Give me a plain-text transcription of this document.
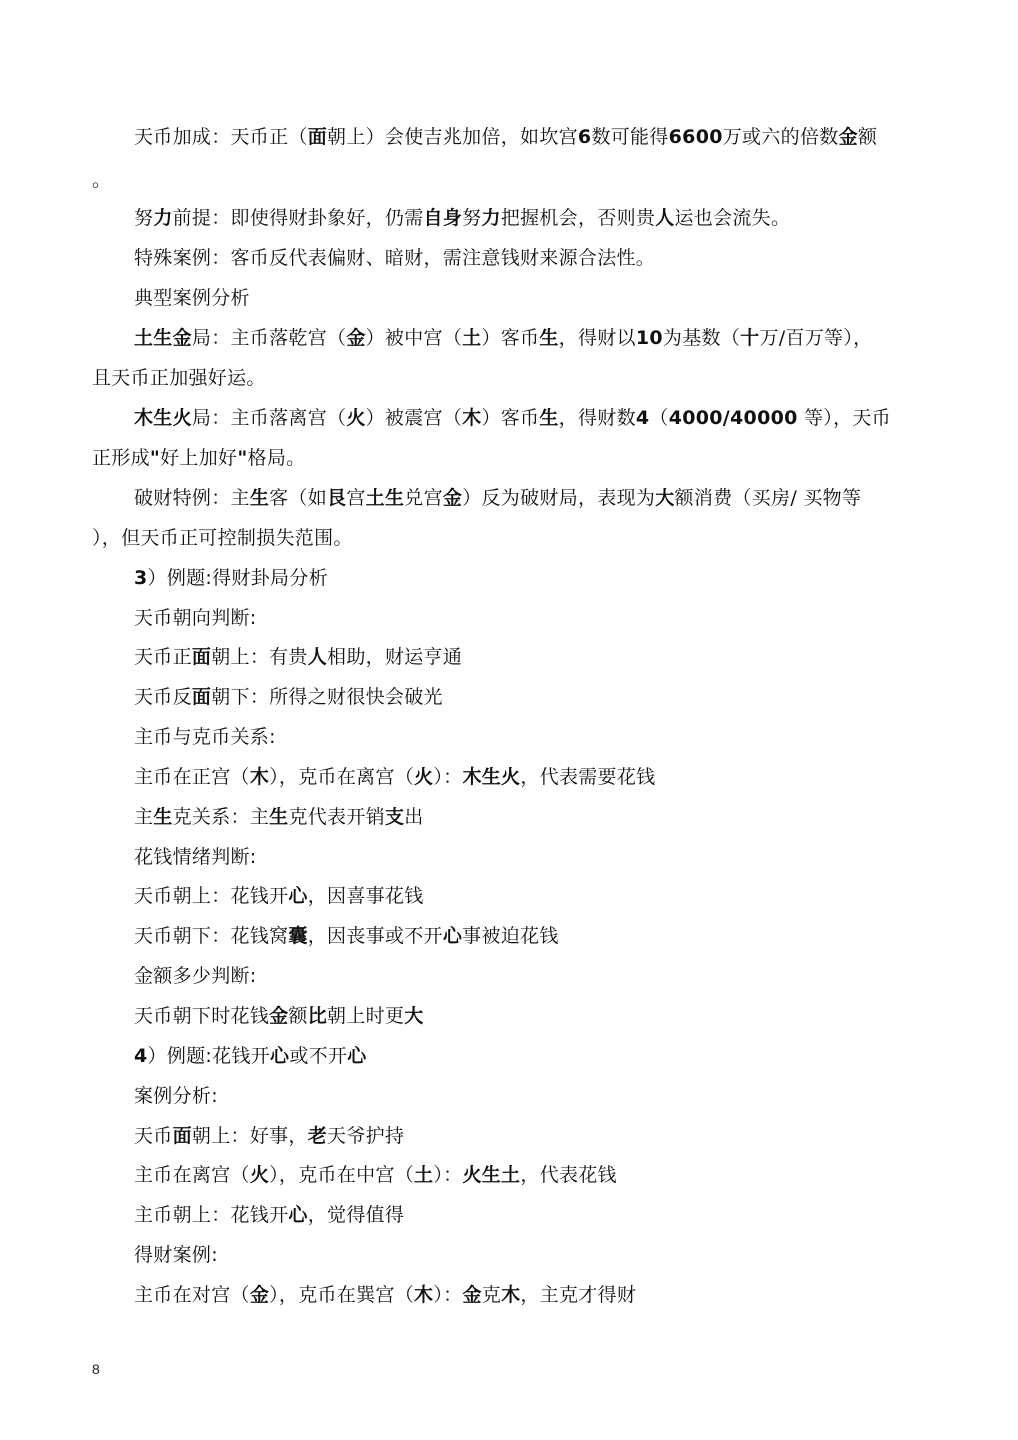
天币加成：天币正（面朝上）会使吉兆加倍，如坎宫6数可能得6600万或六的倍数金额
。
努力前提：即使得财卦象好，仍需自身努力把握机会，否则贵人运也会流失。
特殊案例：客币反代表偏财、暗财，需注意钱财来源合法性。
典型案例分析
土生金局：主币落乾宫（金）被中宫（土）客币生，得财以10为基数（十万/百万等），
且天币正加强好运。
木生火局：主币落离宫（火）被震宫（木）客币生，得财数4（4000/40000 等），天币
正形成"好上加好"格局。
破财特例：主生客（如艮宫土生兑宫金）反为破财局，表现为大额消费（买房/ 买物等
），但天币正可控制损失范围。
3）例题:得财卦局分析
天币朝向判断:
天币正面朝上：有贵人相助，财运亨通
天币反面朝下：所得之财很快会破光
主币与克币关系:
主币在正宫（木），克币在离宫（火）：木生火，代表需要花钱
主生克关系：主生克代表开销支出
花钱情绪判断:
天币朝上：花钱开心，因喜事花钱
天币朝下：花钱窝囊，因丧事或不开心事被迫花钱
金额多少判断:
天币朝下时花钱金额比朝上时更大
4）例题:花钱开心或不开心
案例分析:
天币面朝上：好事，老天爷护持
主币在离宫（火），克币在中宫（土）：火生土，代表花钱
主币朝上：花钱开心，觉得值得
得财案例:
主币在对宫（金），克币在巽宫（木）：金克木，主克才得财
8
